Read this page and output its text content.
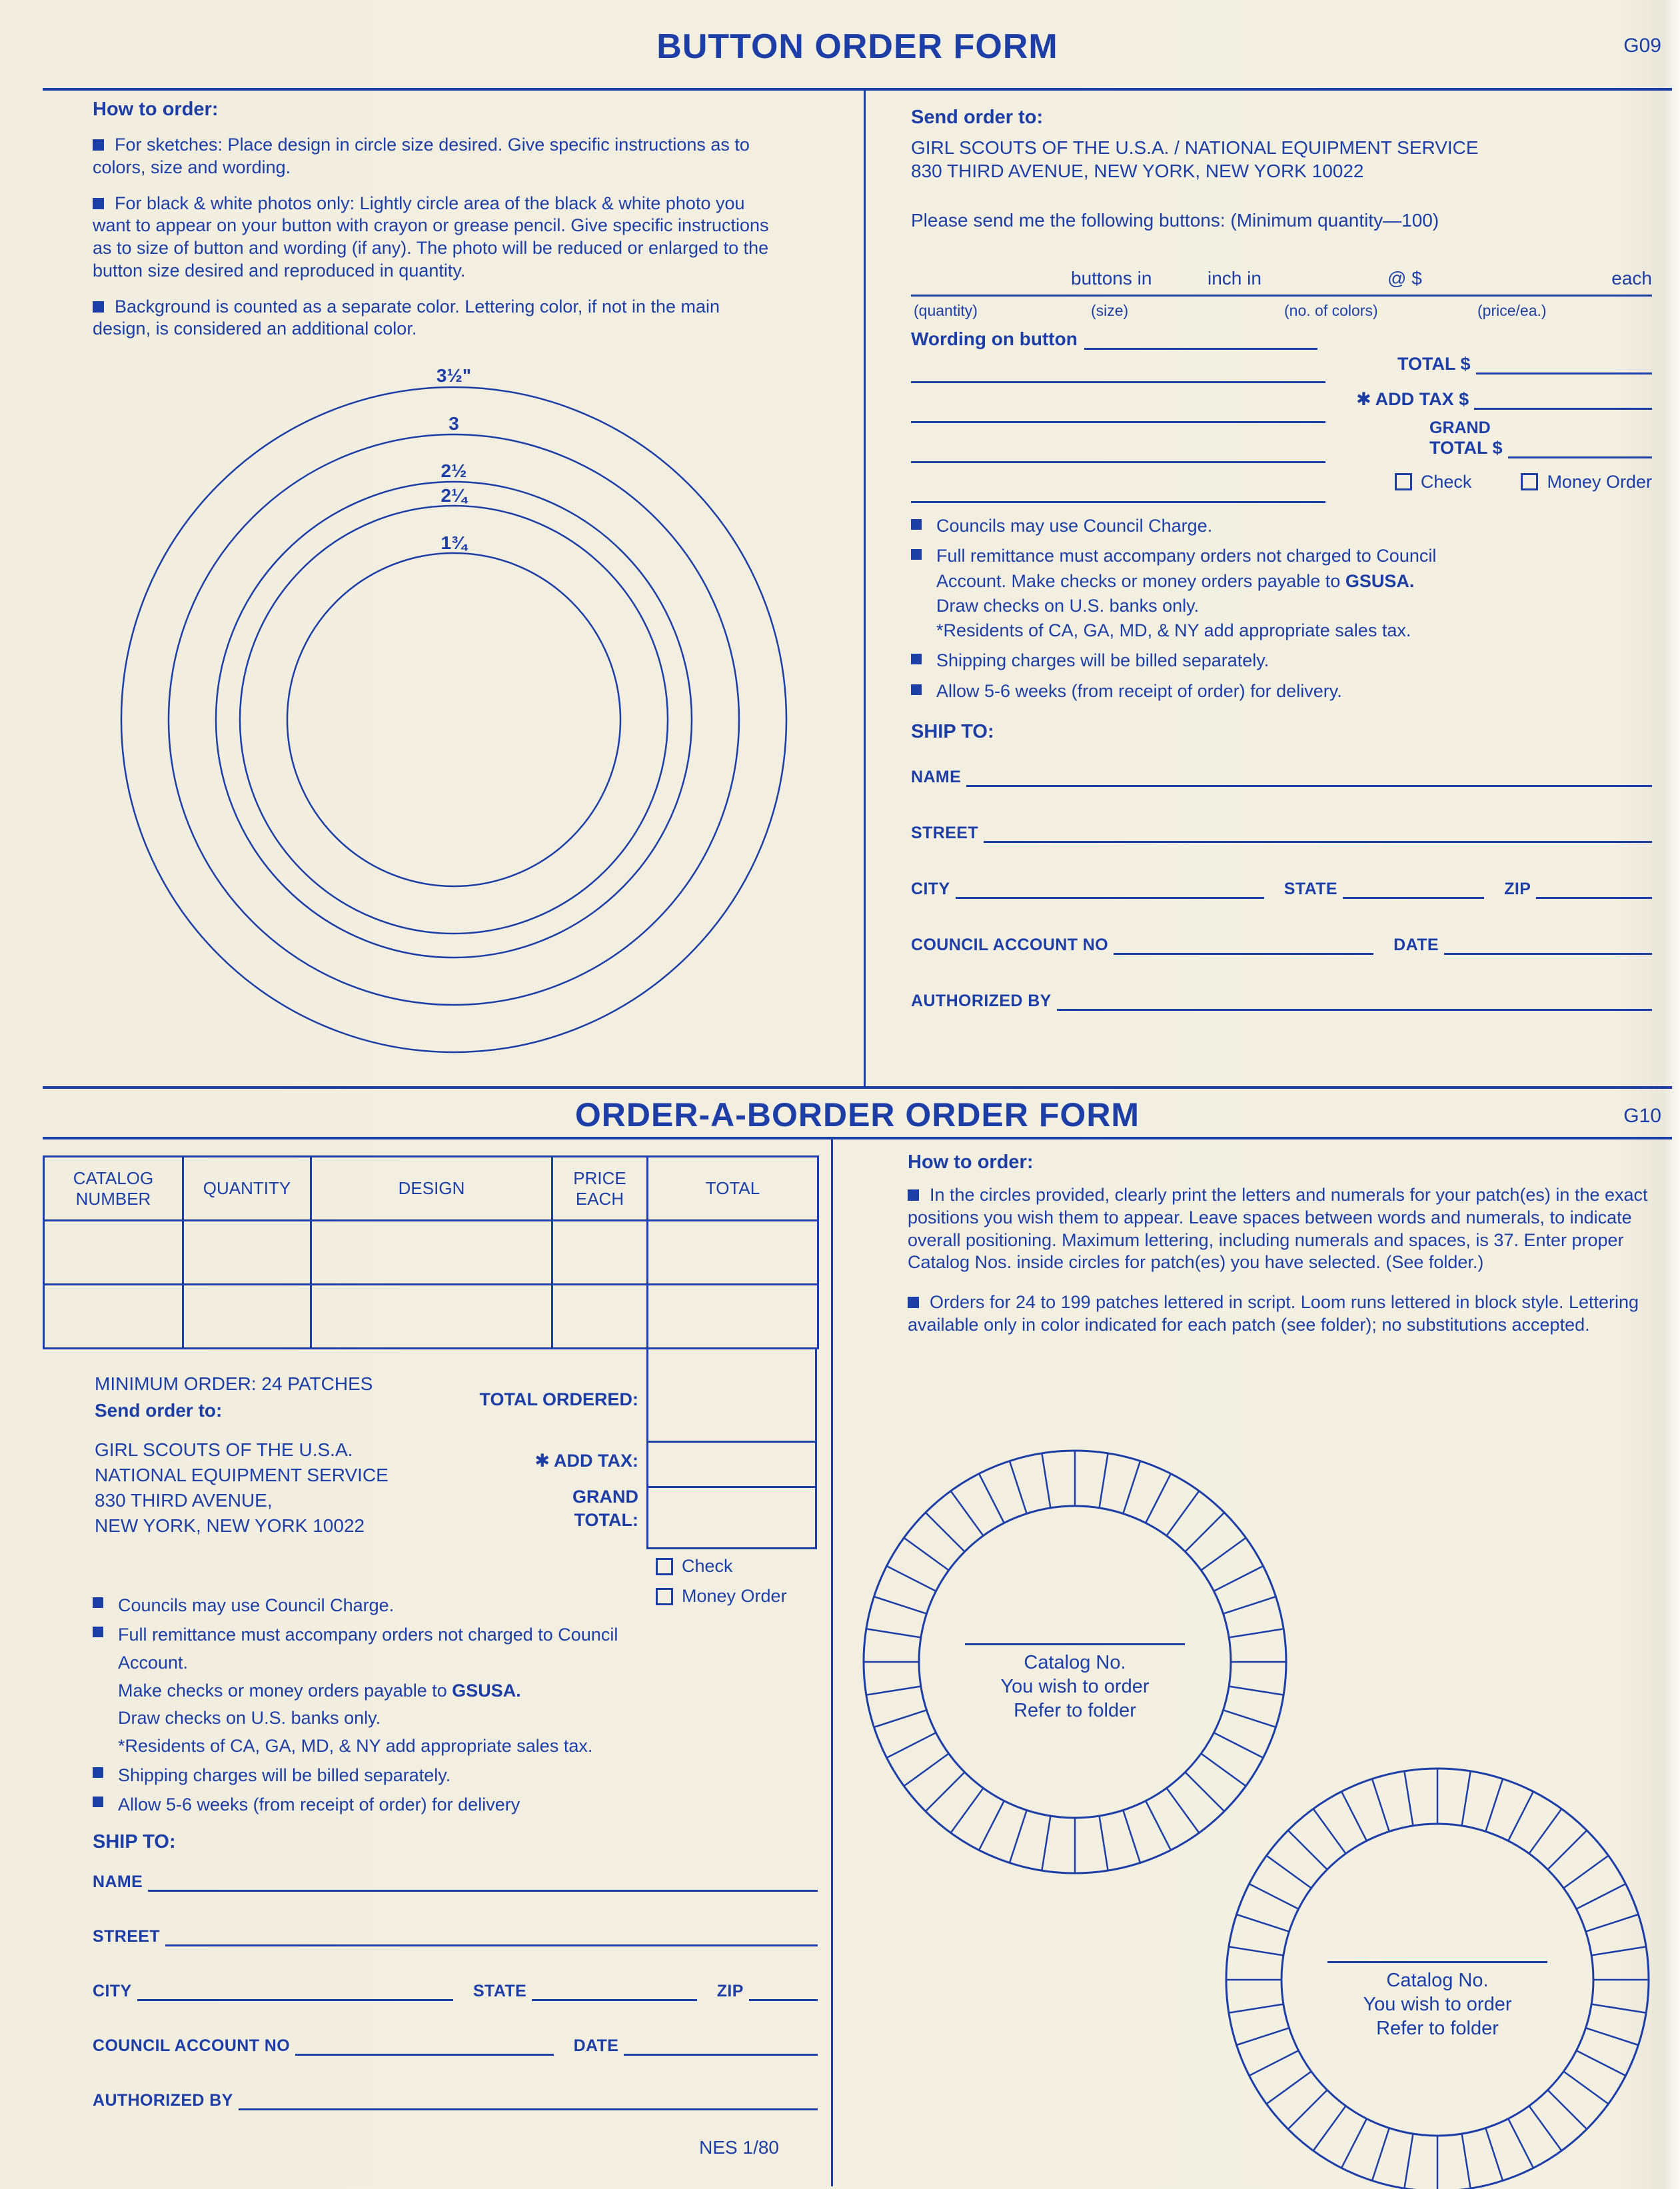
BUTTON ORDER FORM	G09
How to order:

For sketches: Place design in circle size desired. Give specific instructions as to colors, size and wording.

For black & white photos only: Lightly circle area of the black & white photo you want to appear on your button with crayon or grease pencil. Give specific instructions as to size of button and wording (if any). The photo will be reduced or enlarged to the button size desired and reproduced in quantity.

Background is counted as a separate color. Lettering color, if not in the main design, is considered an additional color.

3½"
3
2½
2¼
1¾
Send order to:

GIRL SCOUTS OF THE U.S.A. / NATIONAL EQUIPMENT SERVICE

830 THIRD AVENUE, NEW YORK, NEW YORK 10022

Please send me the following buttons: (Minimum quantity—100)

buttons in	inch in	@ $	each
(quantity)	(size)	(no. of colors)	(price/ea.)
Wording on button
TOTAL $
✱ ADD TAX $
GRAND
TOTAL $
Check	Money Order
Councils may use Council Charge.
Full remittance must accompany orders not charged to Council
Account. Make checks or money orders payable to GSUSA.
Draw checks on U.S. banks only.
*Residents of CA, GA, MD, & NY add appropriate sales tax.
Shipping charges will be billed separately.
Allow 5-6 weeks (from receipt of order) for delivery.
SHIP TO:
NAME
STREET
CITY	STATE	ZIP
COUNCIL ACCOUNT NO	DATE
AUTHORIZED BY
ORDER-A-BORDER ORDER FORM	G10
CATALOG NUMBER	QUANTITY	DESIGN	PRICE EACH	TOTAL

TOTAL ORDERED:
✱ ADD TAX:
GRAND
TOTAL:
MINIMUM ORDER: 24 PATCHES
Send order to:
GIRL SCOUTS OF THE U.S.A.
NATIONAL EQUIPMENT SERVICE
830 THIRD AVENUE,
NEW YORK, NEW YORK 10022
Check
Money Order
Councils may use Council Charge.
Full remittance must accompany orders not charged to Council
Account.
Make checks or money orders payable to GSUSA.
Draw checks on U.S. banks only.
*Residents of CA, GA, MD, & NY add appropriate sales tax.
Shipping charges will be billed separately.
Allow 5-6 weeks (from receipt of order) for delivery
SHIP TO:
NAME
STREET
CITY	STATE	ZIP
COUNCIL ACCOUNT NO	DATE
AUTHORIZED BY
NES 1/80
How to order:

In the circles provided, clearly print the letters and numerals for your patch(es) in the exact positions you wish them to appear. Leave spaces between words and numerals, to indicate overall positioning. Maximum lettering, including numerals and spaces, is 37. Enter proper Catalog Nos. inside circles for patch(es) you have selected. (See folder.)

Orders for 24 to 199 patches lettered in script. Loom runs lettered in block style. Lettering available only in color indicated for each patch (see folder); no substitutions accepted.

Catalog No.
You wish to order
Refer to folder
Catalog No.
You wish to order
Refer to folder
